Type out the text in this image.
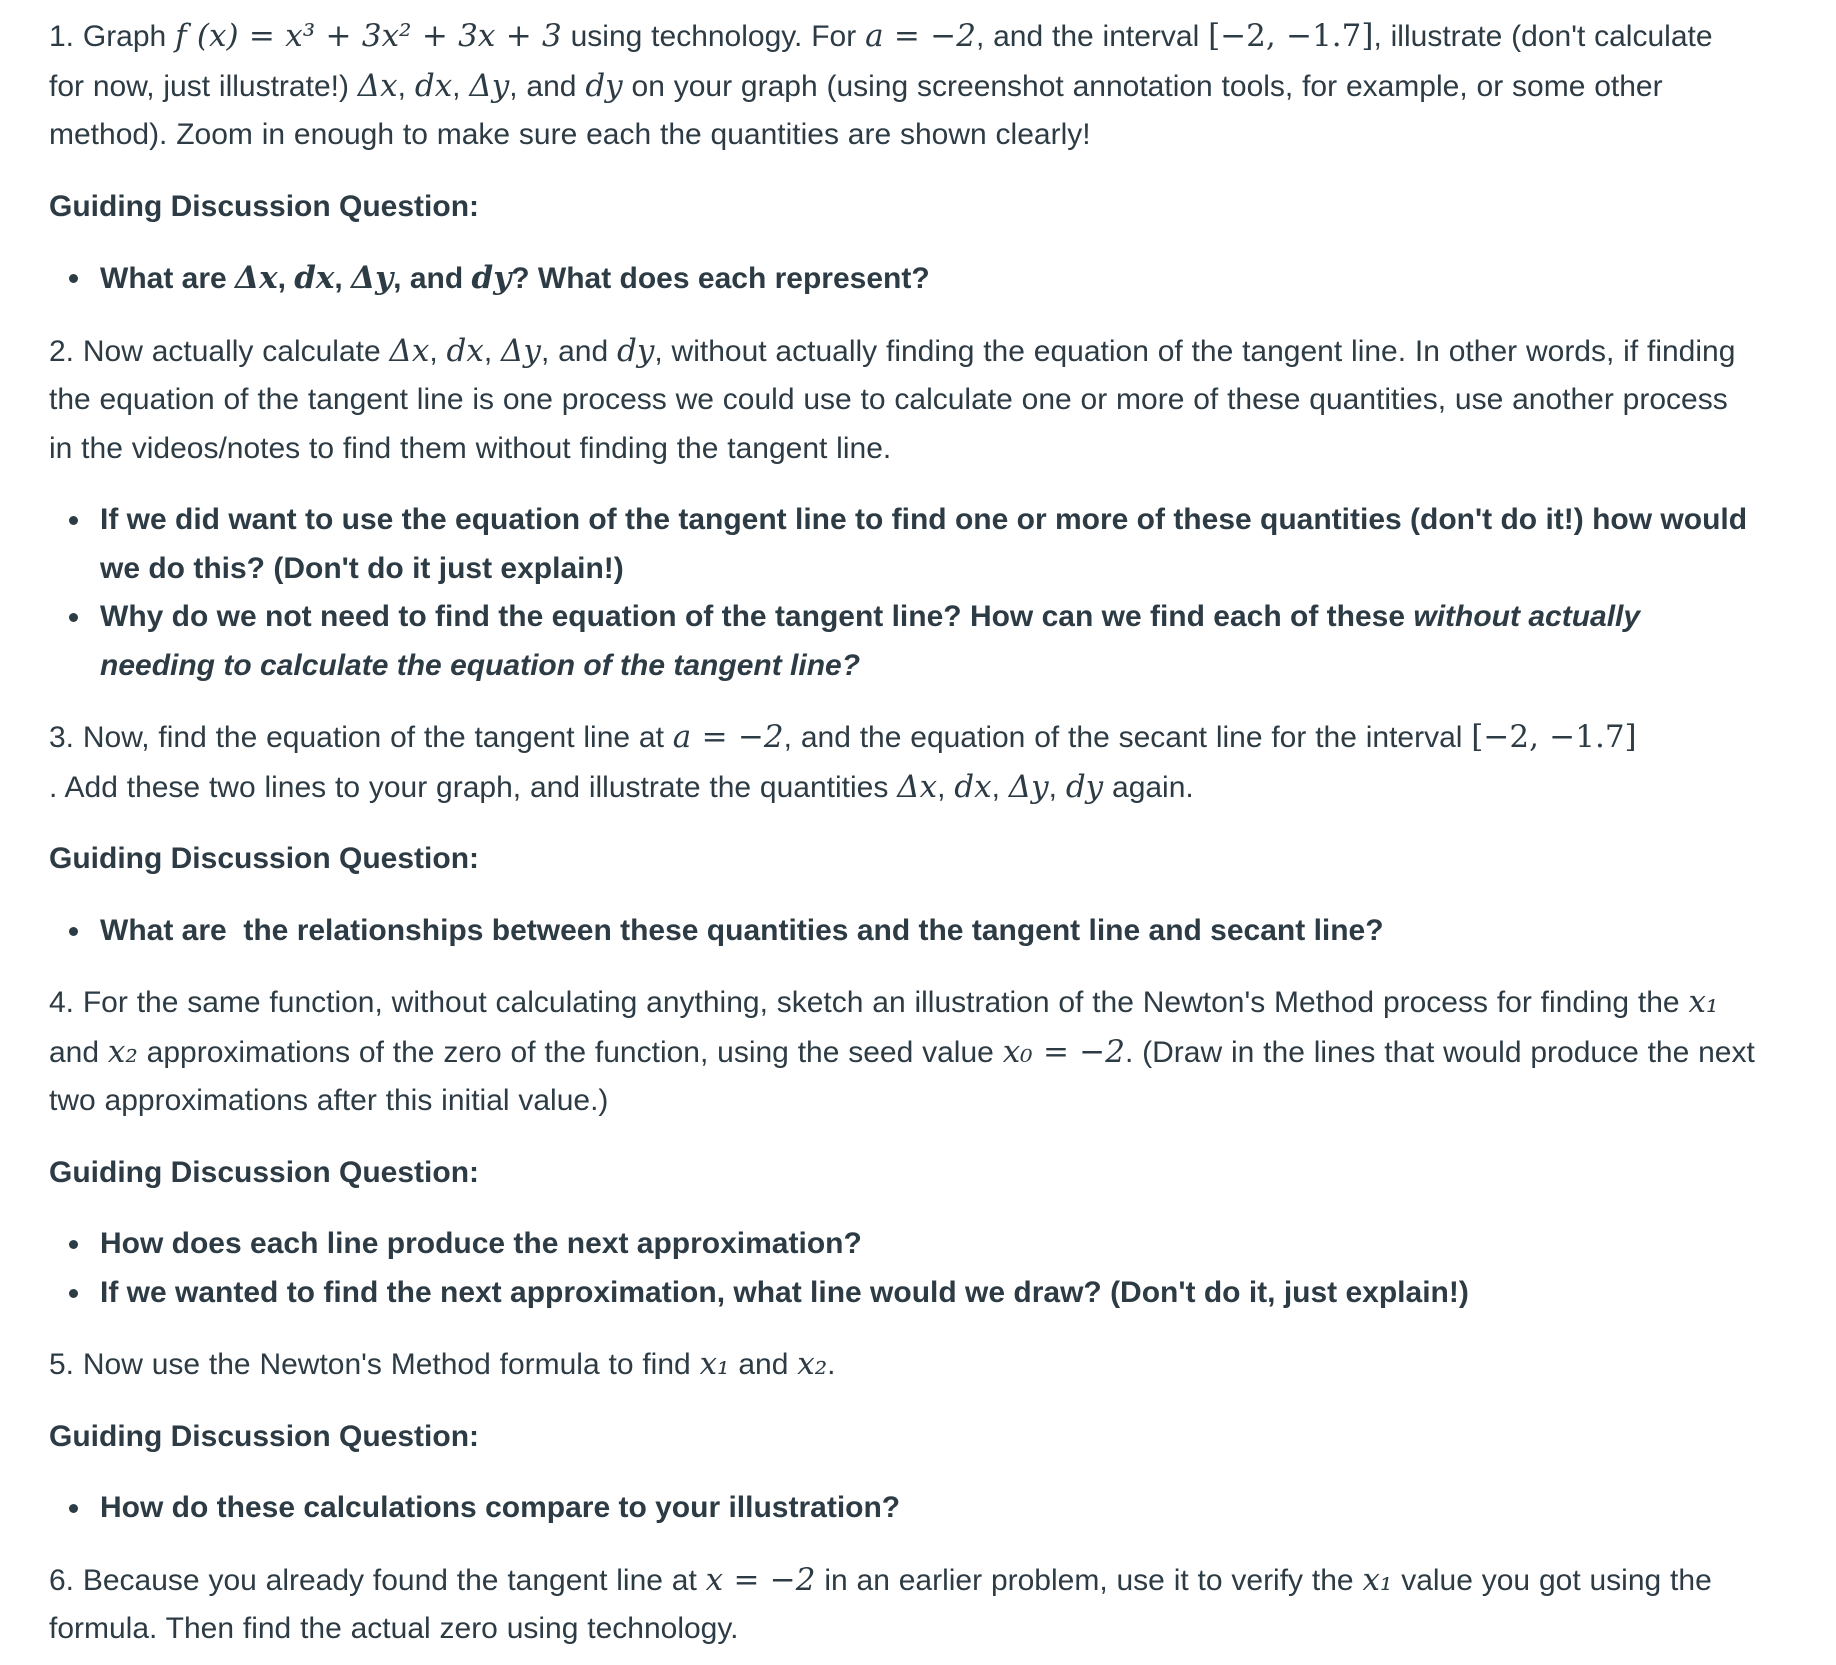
1. Graph f (x) = x³ + 3x² + 3x + 3 using technology. For a = −2, and the interval [−2, −1.7], illustrate (don't calculate for now, just illustrate!) Δx, dx, Δy, and dy on your graph (using screenshot annotation tools, for example, or some other method). Zoom in enough to make sure each the quantities are shown clearly!

Guiding Discussion Question:
What are Δx, dx, Δy, and dy? What does each represent?

2. Now actually calculate Δx, dx, Δy, and dy, without actually finding the equation of the tangent line. In other words, if finding the equation of the tangent line is one process we could use to calculate one or more of these quantities, use another process in the videos/notes to find them without finding the tangent line.

If we did want to use the equation of the tangent line to find one or more of these quantities (don't do it!) how would we do this? (Don't do it just explain!)
Why do we not need to find the equation of the tangent line? How can we find each of these without actually needing to calculate the equation of the tangent line?

3. Now, find the equation of the tangent line at a = −2, and the equation of the secant line for the interval [−2, −1.7]
. Add these two lines to your graph, and illustrate the quantities Δx, dx, Δy, dy again.

Guiding Discussion Question:
What are  the relationships between these quantities and the tangent line and secant line?

4. For the same function, without calculating anything, sketch an illustration of the Newton's Method process for finding the x₁ and x₂ approximations of the zero of the function, using the seed value x₀ = −2. (Draw in the lines that would produce the next two approximations after this initial value.)

Guiding Discussion Question:
How does each line produce the next approximation?
If we wanted to find the next approximation, what line would we draw? (Don't do it, just explain!)

5. Now use the Newton's Method formula to find x₁ and x₂.

Guiding Discussion Question:
How do these calculations compare to your illustration?

6. Because you already found the tangent line at x = −2 in an earlier problem, use it to verify the x₁ value you got using the formula. Then find the actual zero using technology.
